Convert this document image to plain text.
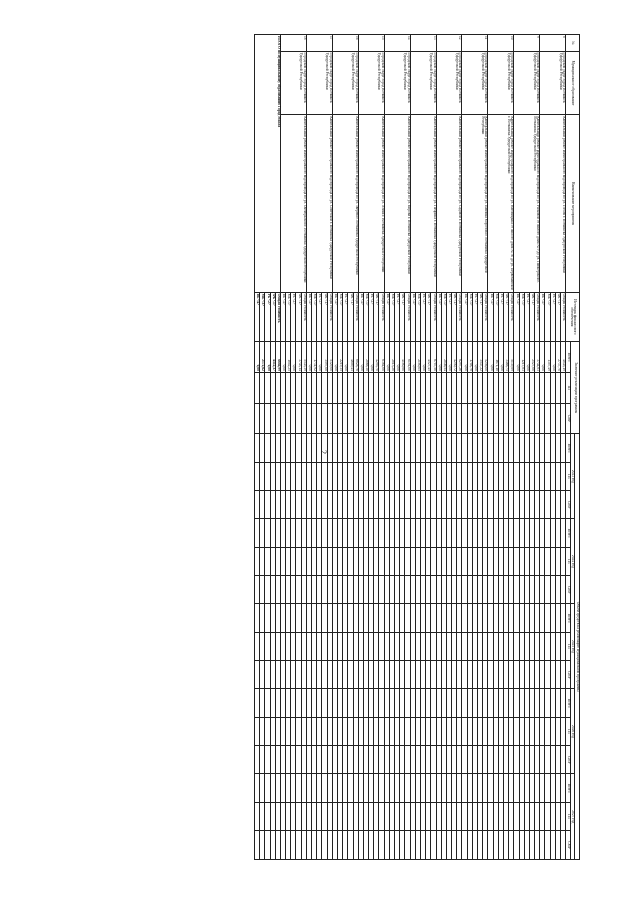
2
№	Муниципальное образование	Наименование мероприятия	Источник финансового обеспечения	Значение реализации программы			Объем средств на реализацию муниципальной программы														
							2023 год			2024 год			2025 год			2026 год			2027 год		
				Всего	ПЗ	СМР	Всего	ПЗ	СМР	Всего	ПЗ	СМР	Всего	ПЗ	СМР	Всего	ПЗ	СМР	Всего	ПЗ	СМР
8	Городской округ город Воткинск Удмуртской Республики	Капитальный ремонт магистрального водопровода по ул. Гоголя г. Воткинска Удмуртской Республики	Общая стоимость	4045,19																	
			ФБ <1>	2737,70																	
			РБ <2>	0,00																	
			МБ <3>	1307,49																	
			ВБ <4>	0,00																	
9	Городской округ город Воткинск Удмуртской Республики	Капитальный ремонт магистрального водопровода по ул. Расковой от жилого дома № 9 до ул. Пионерской г. Воткинска Удмуртской Республики	Общая стоимость	3744,83																	
			ФБ <1>	2527,00																	
			РБ <2>	0,00																	
			МБ <3>	1217,83																	
			ВБ <4>	0,00																	
10	Городской округ город Воткинск Удмуртской Республики	Капитальный ремонт магистрального водопровода по ул. Наговицына от жилого дома № 50 до ул. Первомайской г. Воткинска Удмуртской Республики	Общая стоимость	5139,89																	
			ФБ <1>	3468,71																	
			РБ <2>	0,00																	
			МБ <3>	1671,18																	
			ВБ <4>	0,00																	
11	Городской округ город Воткинск Удмуртской Республики	Капитальный ремонт магистрального водопровода по ул. Павлика Морозова г. Воткинска Удмуртской Республики	Общая стоимость	5256,00																	
			ФБ <1>	3547,22																	
			РБ <2>	0,00																	
			МБ <3>	1708,78																	
			ВБ <4>	0,00																	
12	Городской округ город Воткинск Удмуртской Республики	Капитальный ремонт магистрального водопровода по ул. Садовой г. Воткинска Удмуртской Республики	Общая стоимость	6297,26																	
			ФБ <1>	4250,72																	
			РБ <2>	0,00																	
			МБ <3>	2046,54																	
			ВБ <4>	0,00																	
13	Городской округ город Воткинск Удмуртской Республики	Капитальный ремонт магистрального водопровода по ул. Гагарина г. Воткинска Удмуртской Республики	Общая стоимость	6707,50																	
			ФБ <1>	4527,45																	
			РБ <2>	0,00																	
			МБ <3>	2180,05																	
			ВБ <4>	0,00																	
14	Городской округ город Воткинск Удмуртской Республики	Капитальный ремонт магистрального водопровода по ул. Кирова г. Воткинска Удмуртской Республики	Общая стоимость	6194,00																	
			ФБ <1>	4180,80																	
			РБ <2>	0,00																	
			МБ <3>	2013,20																	
			ВБ <4>	0,00																	
15	Городской округ город Воткинск Удмуртской Республики	Капитальный ремонт магистрального водопровода по ул. Азина г. Воткинска Удмуртской Республики	Общая стоимость	6364,00																	
			ФБ <1>	4295,70																	
			РБ <2>	0,00																	
			МБ <3>	2068,30																	
			ВБ <4>	0,00																	
16	Городской округ город Воткинск Удмуртской Республики	Капитальный ремонт магистрального водопровода по ул. Зверева г. Воткинска Удмуртской Республики	Общая стоимость	6828,76																	
			ФБ <1>	4609,41																	
			РБ <2>	0,00																	
			МБ <3>	2219,35																	
			ВБ <4>	0,00																	
17	Городской округ город Воткинск Удмуртской Республики	Капитальный ремонт магистрального водопровода по ул. Советской г. Воткинска Удмуртской Республики	Общая стоимость	5329,00																	
			ФБ <1>	3597,08																	
			РБ <2>	0,00																	
			МБ <3>	1731,92																	
			ВБ <4>	0,00																	
18	Городской округ город Воткинск Удмуртской Республики	Капитальный ремонт магистрального водопровода по ул. Октябрьской г. Воткинска Удмуртской Республики	Общая стоимость	5545,39																	
			ФБ <1>	3743,14																	
			РБ <2>	0,00																	
			МБ <3>	1802,25																	
			ВБ <4>	0,00																	
ИТОГО по муниципальному образованию Город Можга			Общая стоимость	6684,99																	
			ФБ <1>	4512,37																	
			РБ <2>	0,00																	
			МБ <3>	2172,62																	
			ВБ <4>	0,00																	
